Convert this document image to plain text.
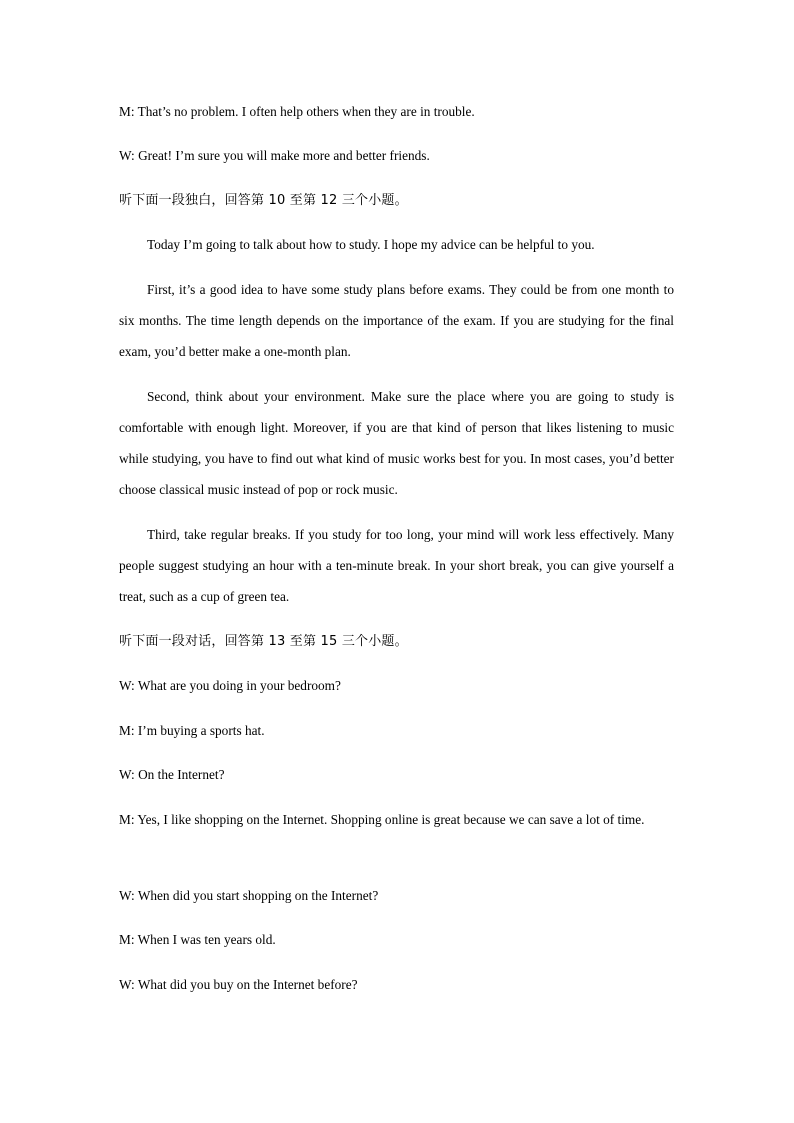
M: That’s no problem. I often help others when they are in trouble.
W: Great! I’m sure you will make more and better friends.
听下面一段独白，回答第 10 至第 12 三个小题。
Today I’m going to talk about how to study. I hope my advice can be helpful to you.
First, it’s a good idea to have some study plans before exams. They could be from one month to six months. The time length depends on the importance of the exam. If you are studying for the final exam, you’d better make a one-month plan.
Second, think about your environment. Make sure the place where you are going to study is comfortable with enough light. Moreover, if you are that kind of person that likes listening to music while studying, you have to find out what kind of music works best for you. In most cases, you’d better choose classical music instead of pop or rock music.
Third, take regular breaks. If you study for too long, your mind will work less effectively. Many people suggest studying an hour with a ten-minute break. In your short break, you can give yourself a treat, such as a cup of green tea.
听下面一段对话，回答第 13 至第 15 三个小题。
W: What are you doing in your bedroom?
M: I’m buying a sports hat.
W: On the Internet?
M: Yes, I like shopping on the Internet. Shopping online is great because we can save a lot of time.
W: When did you start shopping on the Internet?
M: When I was ten years old.
W: What did you buy on the Internet before?
